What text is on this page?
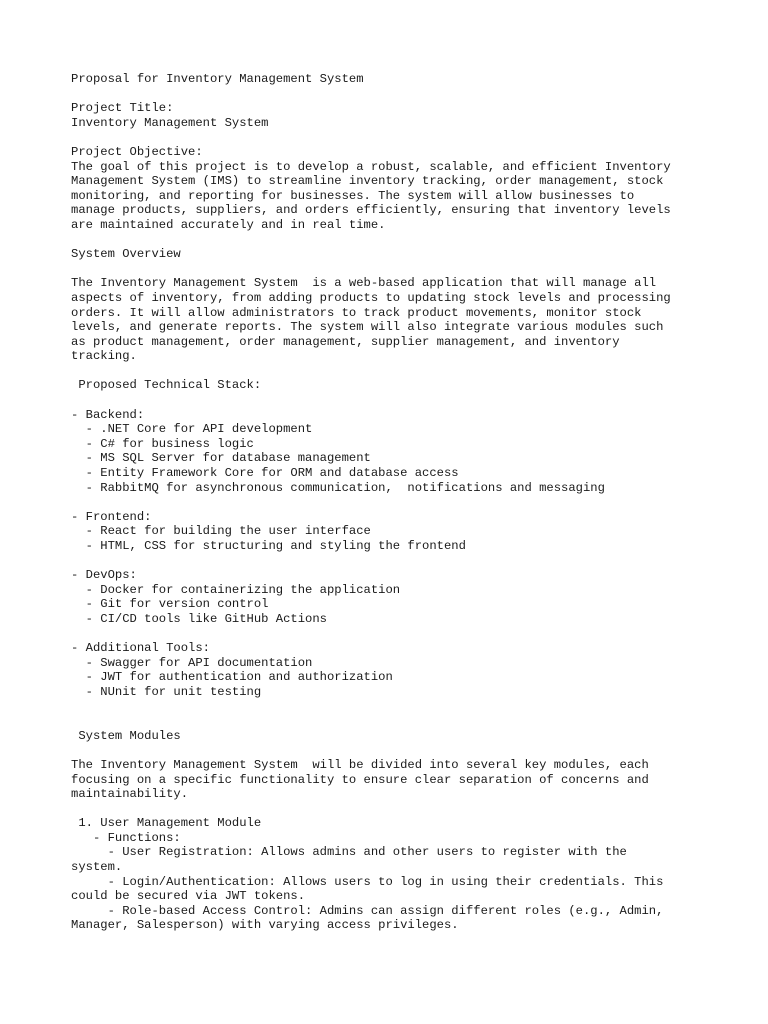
Proposal for Inventory Management System
Project Title:
Inventory Management System
Project Objective:
The goal of this project is to develop a robust, scalable, and efficient Inventory
Management System (IMS) to streamline inventory tracking, order management, stock
monitoring, and reporting for businesses. The system will allow businesses to
manage products, suppliers, and orders efficiently, ensuring that inventory levels
are maintained accurately and in real time.
System Overview
The Inventory Management System  is a web-based application that will manage all
aspects of inventory, from adding products to updating stock levels and processing
orders. It will allow administrators to track product movements, monitor stock
levels, and generate reports. The system will also integrate various modules such
as product management, order management, supplier management, and inventory
tracking.
Proposed Technical Stack:
- Backend:
- .NET Core for API development
- C# for business logic
- MS SQL Server for database management
- Entity Framework Core for ORM and database access
- RabbitMQ for asynchronous communication,  notifications and messaging
- Frontend:
- React for building the user interface
- HTML, CSS for structuring and styling the frontend
- DevOps:
- Docker for containerizing the application
- Git for version control
- CI/CD tools like GitHub Actions
- Additional Tools:
- Swagger for API documentation
- JWT for authentication and authorization
- NUnit for unit testing
System Modules
The Inventory Management System  will be divided into several key modules, each
focusing on a specific functionality to ensure clear separation of concerns and
maintainability.
1. User Management Module
- Functions:
- User Registration: Allows admins and other users to register with the
system.
- Login/Authentication: Allows users to log in using their credentials. This
could be secured via JWT tokens.
- Role-based Access Control: Admins can assign different roles (e.g., Admin,
Manager, Salesperson) with varying access privileges.
